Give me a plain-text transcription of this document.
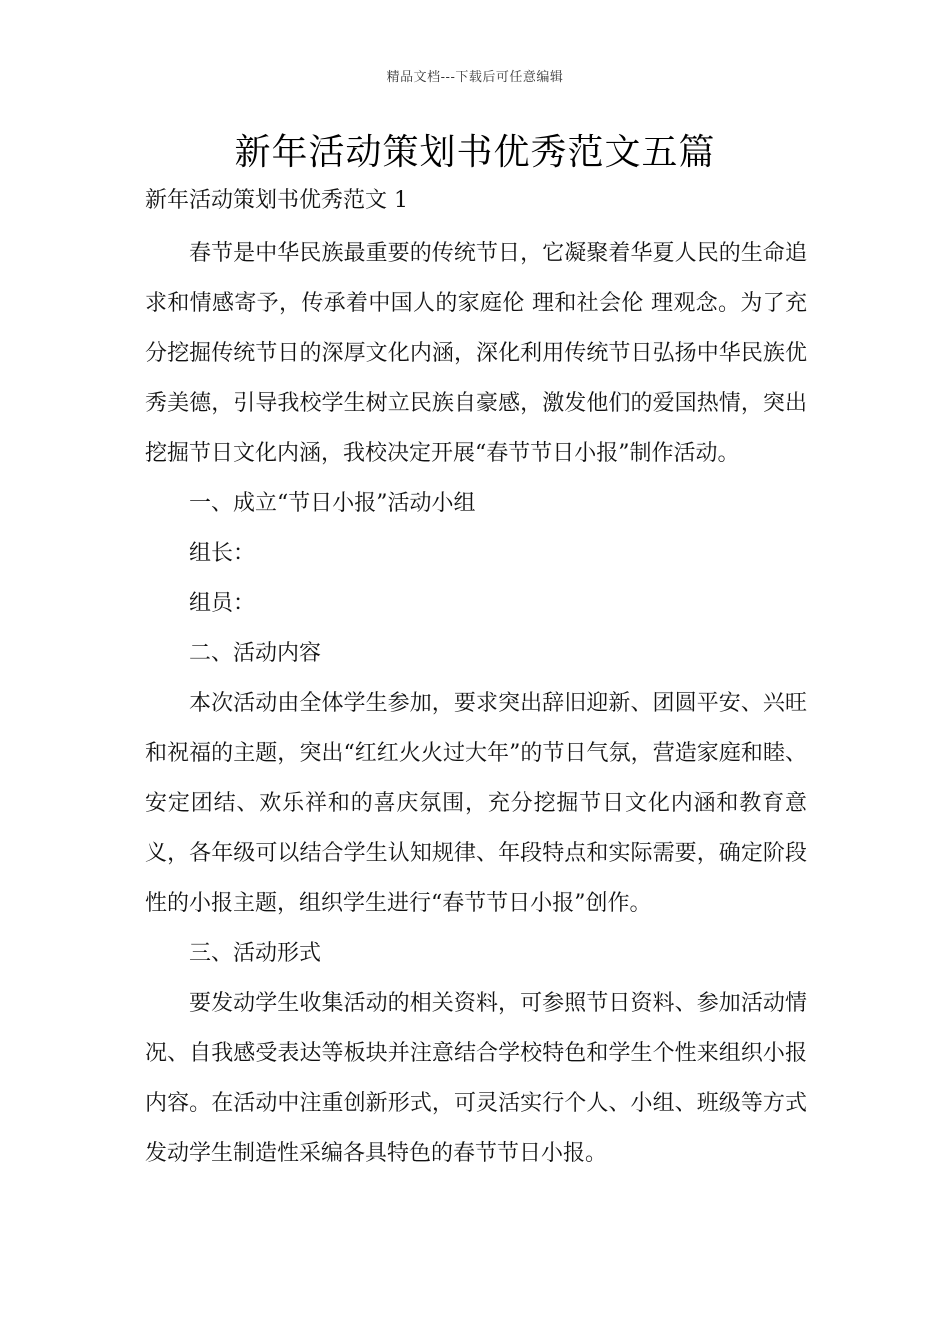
精品文档---下载后可任意编辑
新年活动策划书优秀范文五篇
新年活动策划书优秀范文 1

春节是中华民族最重要的传统节日，它凝聚着华夏人民的生命追求和情感寄予，传承着中国人的家庭伦 理和社会伦 理观念。为了充分挖掘传统节日的深厚文化内涵，深化利用传统节日弘扬中华民族优秀美德，引导我校学生树立民族自豪感，激发他们的爱国热情，突出挖掘节日文化内涵，我校决定开展“春节节日小报”制作活动。

一、成立“节日小报”活动小组

组长：

组员：

二、活动内容

本次活动由全体学生参加，要求突出辞旧迎新、团圆平安、兴旺和祝福的主题，突出“红红火火过大年”的节日气氛，营造家庭和睦、安定团结、欢乐祥和的喜庆氛围，充分挖掘节日文化内涵和教育意义，各年级可以结合学生认知规律、年段特点和实际需要，确定阶段性的小报主题，组织学生进行“春节节日小报”创作。

三、活动形式

要发动学生收集活动的相关资料，可参照节日资料、参加活动情况、自我感受表达等板块并注意结合学校特色和学生个性来组织小报内容。在活动中注重创新形式，可灵活实行个人、小组、班级等方式发动学生制造性采编各具特色的春节节日小报。
